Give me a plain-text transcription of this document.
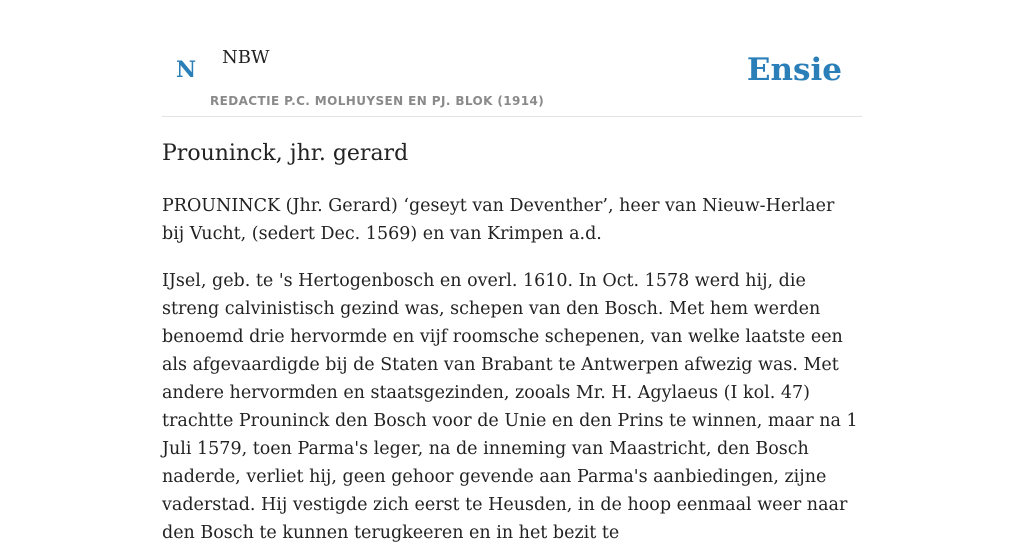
N NBW
REDACTIE P.C. MOLHUYSEN EN PJ. BLOK (1914)
Ensie
Prouninck, jhr. gerard

PROUNINCK (Jhr. Gerard) ‘geseyt van Deventher’, heer van Nieuw-Herlaer bij Vucht, (sedert Dec. 1569) en van Krimpen a.d.

IJsel, geb. te 's Hertogenbosch en overl. 1610. In Oct. 1578 werd hij, die streng calvinistisch gezind was, schepen van den Bosch. Met hem werden benoemd drie hervormde en vijf roomsche schepenen, van welke laatste een als afgevaardigde bij de Staten van Brabant te Antwerpen afwezig was. Met andere hervormden en staatsgezinden, zooals Mr. H. Agylaeus (I kol. 47) trachtte Prouninck den Bosch voor de Unie en den Prins te winnen, maar na 1 Juli 1579, toen Parma's leger, na de inneming van Maastricht, den Bosch naderde, verliet hij, geen gehoor gevende aan Parma's aanbiedingen, zijne vaderstad. Hij vestigde zich eerst te Heusden, in de hoop eenmaal weer naar den Bosch te kunnen terugkeeren en in het bezit te
